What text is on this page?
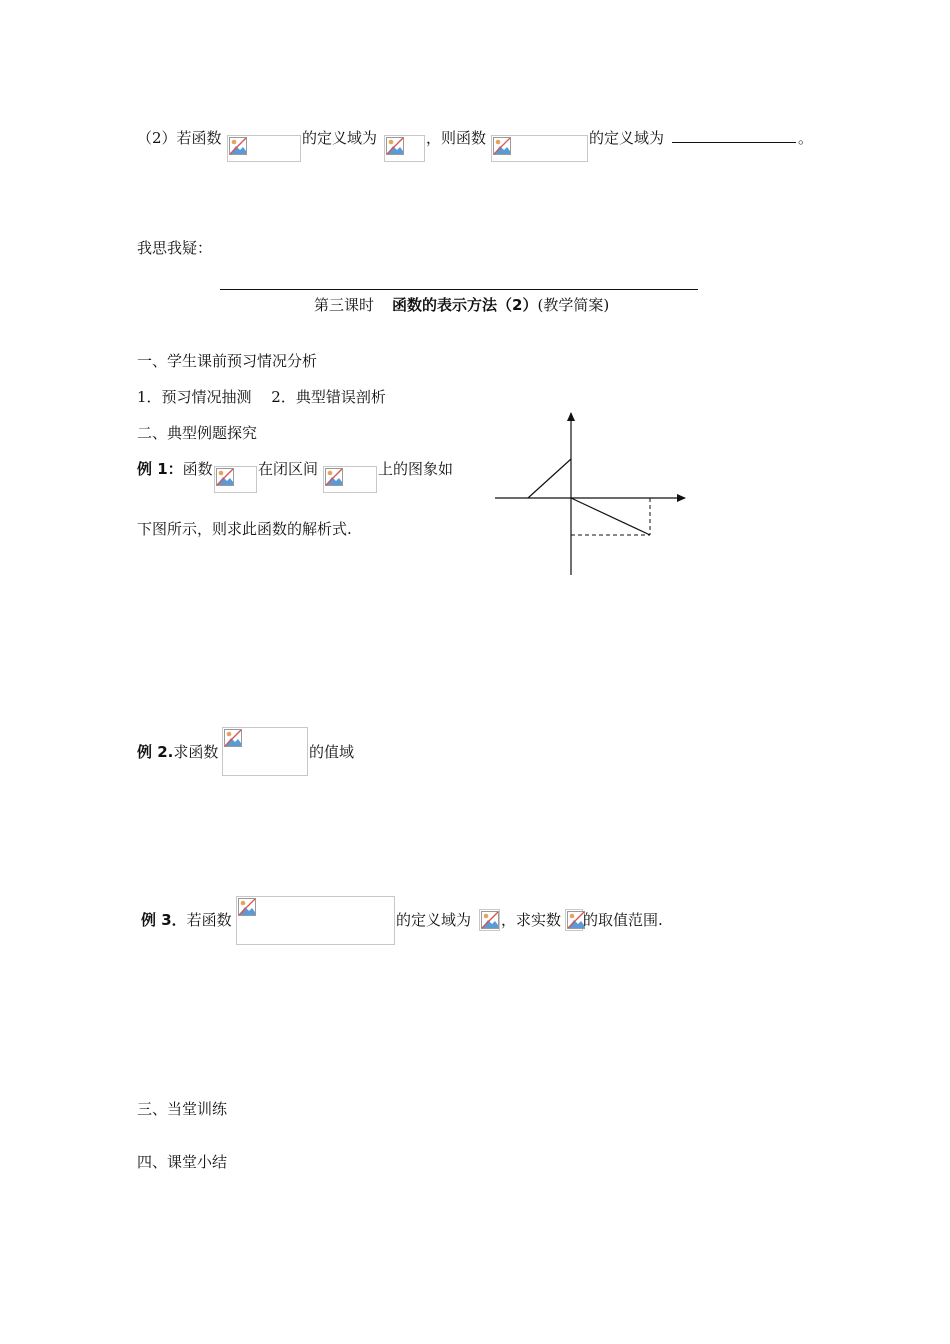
（2）若函数	的定义域为	，则函数	的定义域为	。
我思我疑：
第三课时 函数的表示方法（2）(教学简案)
一、学生课前预习情况分析
1．预习情况抽测　 2．典型错误剖析
二、典型例题探究
例 1：函数	在闭区间	上的图象如
下图所示，则求此函数的解析式.
例 2.求函数	的值域
例 3．若函数	的定义域为 ，求实数 的取值范围.
三、当堂训练
四、课堂小结
